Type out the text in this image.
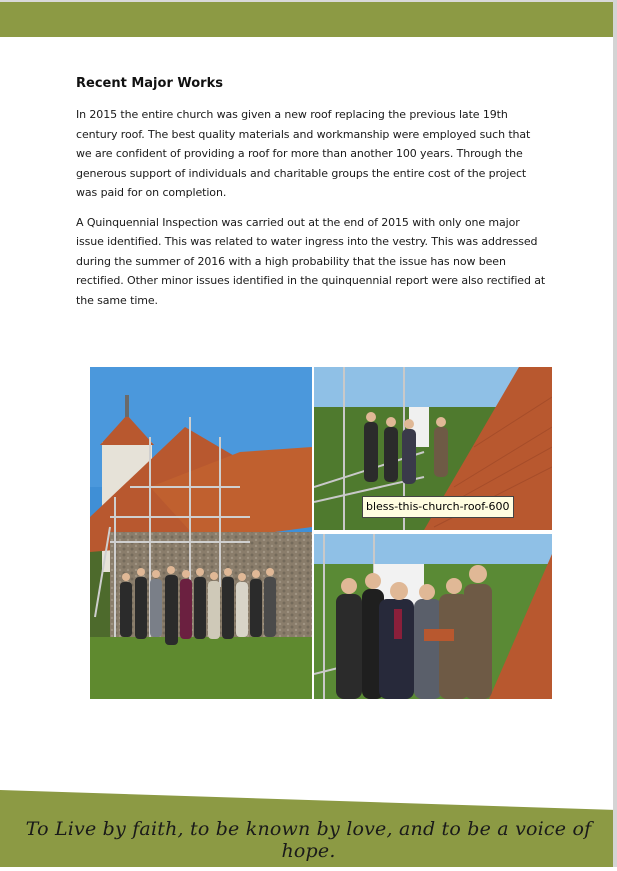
Recent Major Works

In 2015 the entire church was given a new roof replacing the previous late 19th century roof. The best quality materials and workmanship were employed such that we are confident of providing a roof for more than another 100 years. Through the generous support of individuals and charitable groups the entire cost of the project was paid for on completion.

A Quinquennial Inspection was carried out at the end of 2015 with only one major issue identified. This was related to water ingress into the vestry. This was addressed during the summer of 2016 with a high probability that the issue has now been rectified. Other minor issues identified in the quinquennial report were also rectified at the same time.

bless-this-church-roof-600
To Live by faith, to be known by love, and to be a voice of hope.
